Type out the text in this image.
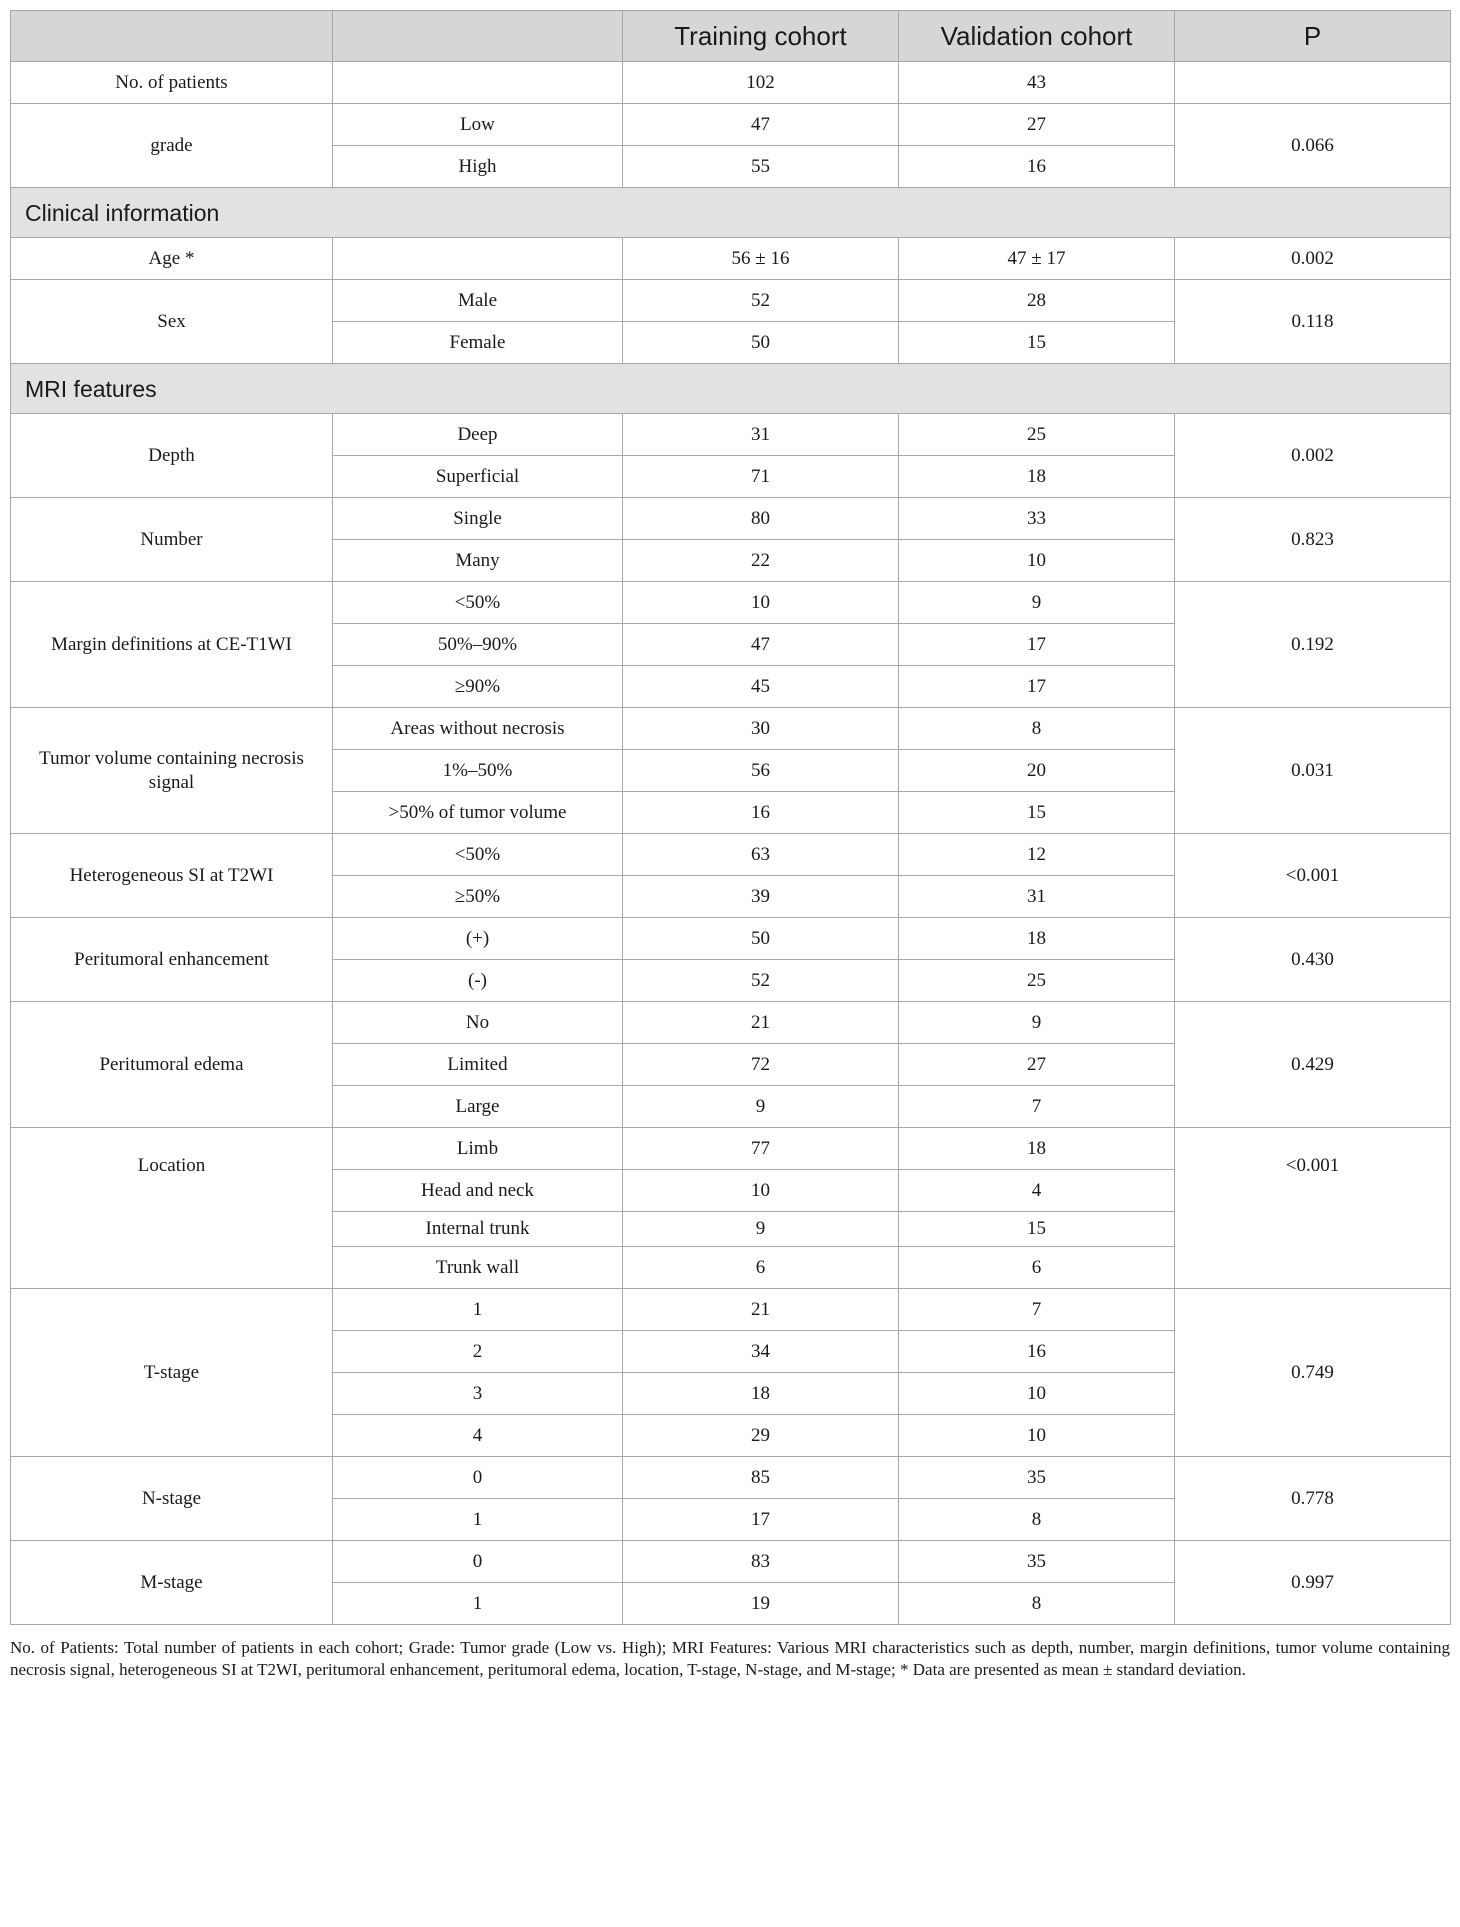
		Training cohort	Validation cohort	P
No. of patients		102	43	
grade	Low	47	27	0.066
	High	55	16	
Clinical information				
Age *		56 ± 16	47 ± 17	0.002
Sex	Male	52	28	0.118
	Female	50	15	
MRI features				
Depth	Deep	31	25	0.002
	Superficial	71	18	
Number	Single	80	33	0.823
	Many	22	10	
Margin definitions at CE-T1WI	<50%	10	9	0.192
	50%–90%	47	17	
	≥90%	45	17	
Tumor volume containing necrosis signal	Areas without necrosis	30	8	0.031
	1%–50%	56	20	
	>50% of tumor volume	16	15	
Heterogeneous SI at T2WI	<50%	63	12	<0.001
	≥50%	39	31	
Peritumoral enhancement	(+)	50	18	0.430
	(-)	52	25	
Peritumoral edema	No	21	9	0.429
	Limited	72	27	
	Large	9	7	
Location	Limb	77	18	<0.001
	Head and neck	10	4	
	Internal trunk	9	15	
	Trunk wall	6	6	
T-stage	1	21	7	0.749
	2	34	16	
	3	18	10	
	4	29	10	
N-stage	0	85	35	0.778
	1	17	8	
M-stage	0	83	35	0.997
	1	19	8	
No. of Patients: Total number of patients in each cohort; Grade: Tumor grade (Low vs. High); MRI Features: Various MRI characteristics such as depth, number, margin definitions, tumor volume containing necrosis signal, heterogeneous SI at T2WI, peritumoral enhancement, peritumoral edema, location, T-stage, N-stage, and M-stage; * Data are presented as mean ± standard deviation.
